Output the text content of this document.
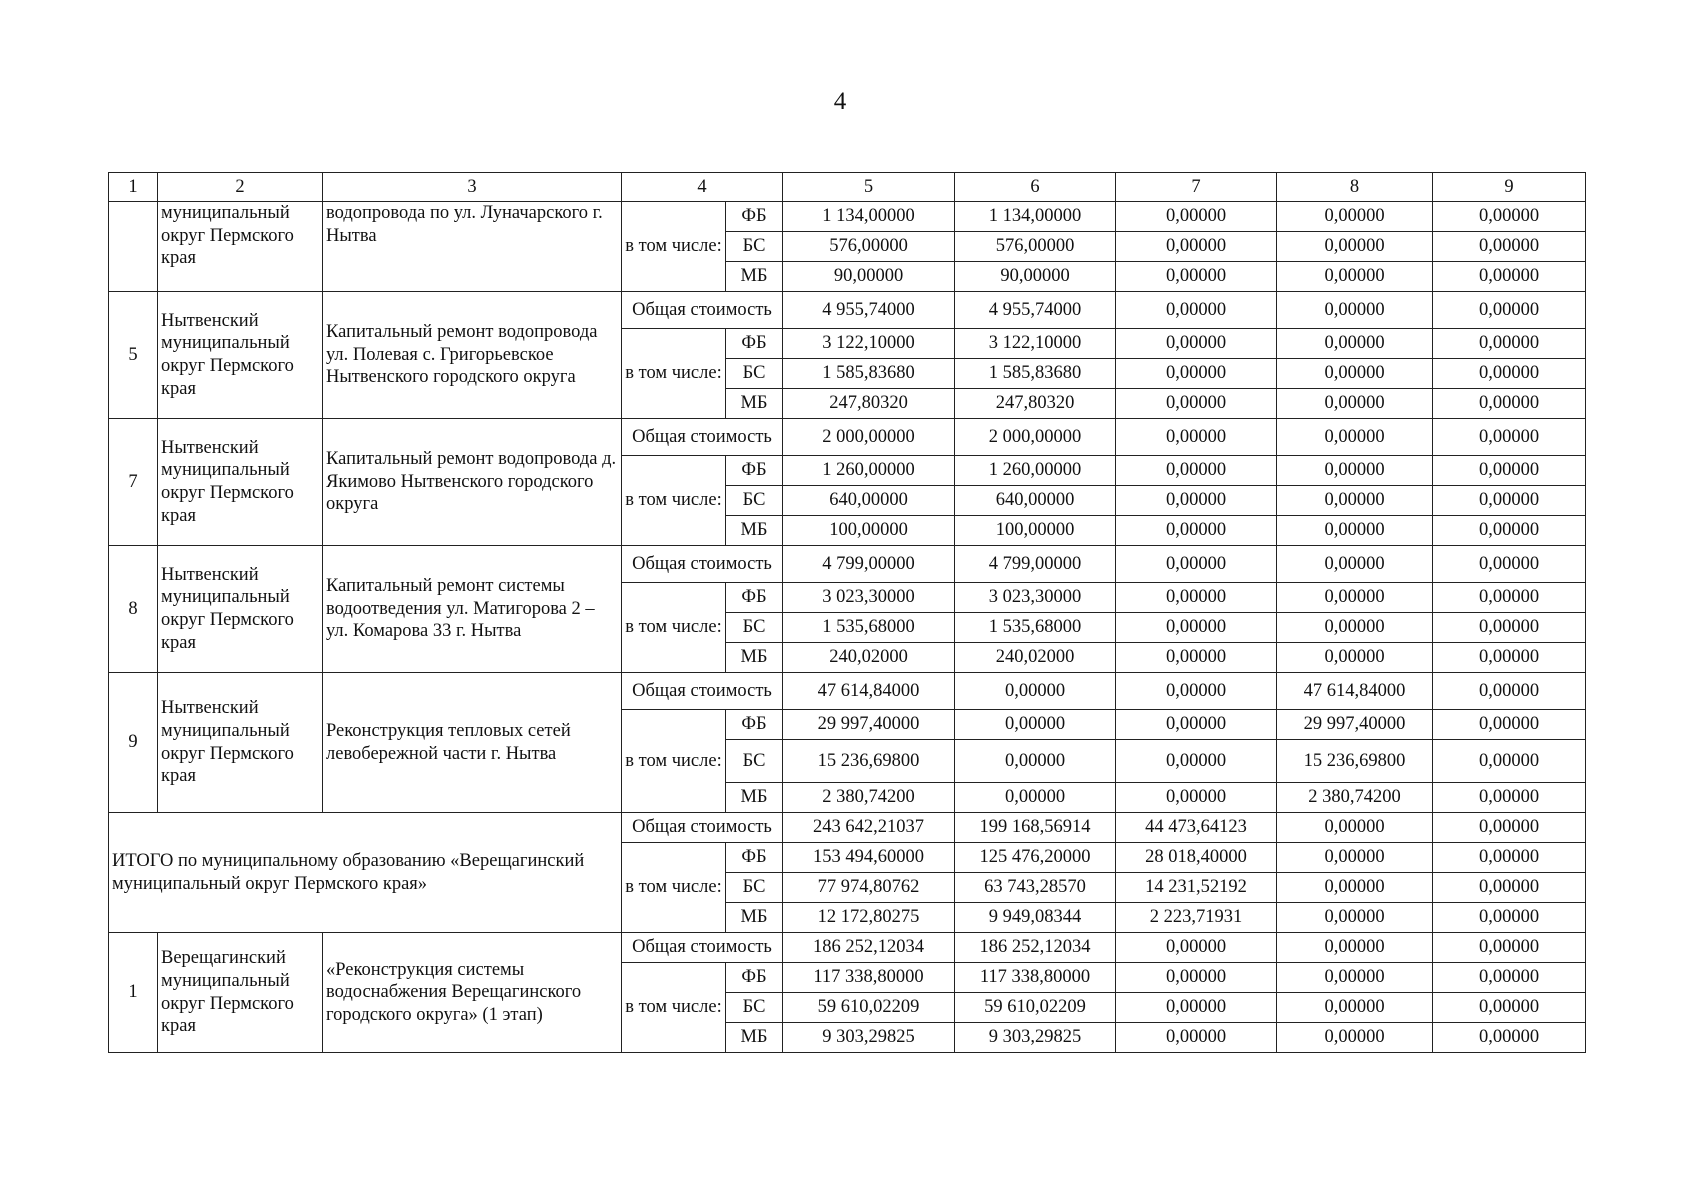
4
1	2	3	4		5	6	7	8	9
	муниципальный округ Пермского края	водопровода по ул. Луначарского г. Нытва	в том числе:	ФБ	1 134,00000	1 134,00000	0,00000	0,00000	0,00000
				БС	576,00000	576,00000	0,00000	0,00000	0,00000
				МБ	90,00000	90,00000	0,00000	0,00000	0,00000
5	Нытвенский муниципальный округ Пермского края	Капитальный ремонт водопровода ул. Полевая с. Григорьевское Нытвенского городского округа	Общая стоимость		4 955,74000	4 955,74000	0,00000	0,00000	0,00000
			в том числе:	ФБ	3 122,10000	3 122,10000	0,00000	0,00000	0,00000
				БС	1 585,83680	1 585,83680	0,00000	0,00000	0,00000
				МБ	247,80320	247,80320	0,00000	0,00000	0,00000
7	Нытвенский муниципальный округ Пермского края	Капитальный ремонт водопровода д. Якимово Нытвенского городского округа	Общая стоимость		2 000,00000	2 000,00000	0,00000	0,00000	0,00000
			в том числе:	ФБ	1 260,00000	1 260,00000	0,00000	0,00000	0,00000
				БС	640,00000	640,00000	0,00000	0,00000	0,00000
				МБ	100,00000	100,00000	0,00000	0,00000	0,00000
8	Нытвенский муниципальный округ Пермского края	Капитальный ремонт системы водоотведения ул. Матигорова 2 – ул. Комарова 33 г. Нытва	Общая стоимость		4 799,00000	4 799,00000	0,00000	0,00000	0,00000
			в том числе:	ФБ	3 023,30000	3 023,30000	0,00000	0,00000	0,00000
				БС	1 535,68000	1 535,68000	0,00000	0,00000	0,00000
				МБ	240,02000	240,02000	0,00000	0,00000	0,00000
9	Нытвенский муниципальный округ Пермского края	Реконструкция тепловых сетей левобережной части г. Нытва	Общая стоимость		47 614,84000	0,00000	0,00000	47 614,84000	0,00000
			в том числе:	ФБ	29 997,40000	0,00000	0,00000	29 997,40000	0,00000
				БС	15 236,69800	0,00000	0,00000	15 236,69800	0,00000
				МБ	2 380,74200	0,00000	0,00000	2 380,74200	0,00000
ИТОГО по муниципальному образованию «Верещагинский муниципальный округ Пермского края»			Общая стоимость		243 642,21037	199 168,56914	44 473,64123	0,00000	0,00000
			в том числе:	ФБ	153 494,60000	125 476,20000	28 018,40000	0,00000	0,00000
				БС	77 974,80762	63 743,28570	14 231,52192	0,00000	0,00000
				МБ	12 172,80275	9 949,08344	2 223,71931	0,00000	0,00000
1	Верещагинский муниципальный округ Пермского края	«Реконструкция системы водоснабжения Верещагинского городского округа» (1 этап)	Общая стоимость		186 252,12034	186 252,12034	0,00000	0,00000	0,00000
			в том числе:	ФБ	117 338,80000	117 338,80000	0,00000	0,00000	0,00000
				БС	59 610,02209	59 610,02209	0,00000	0,00000	0,00000
				МБ	9 303,29825	9 303,29825	0,00000	0,00000	0,00000
